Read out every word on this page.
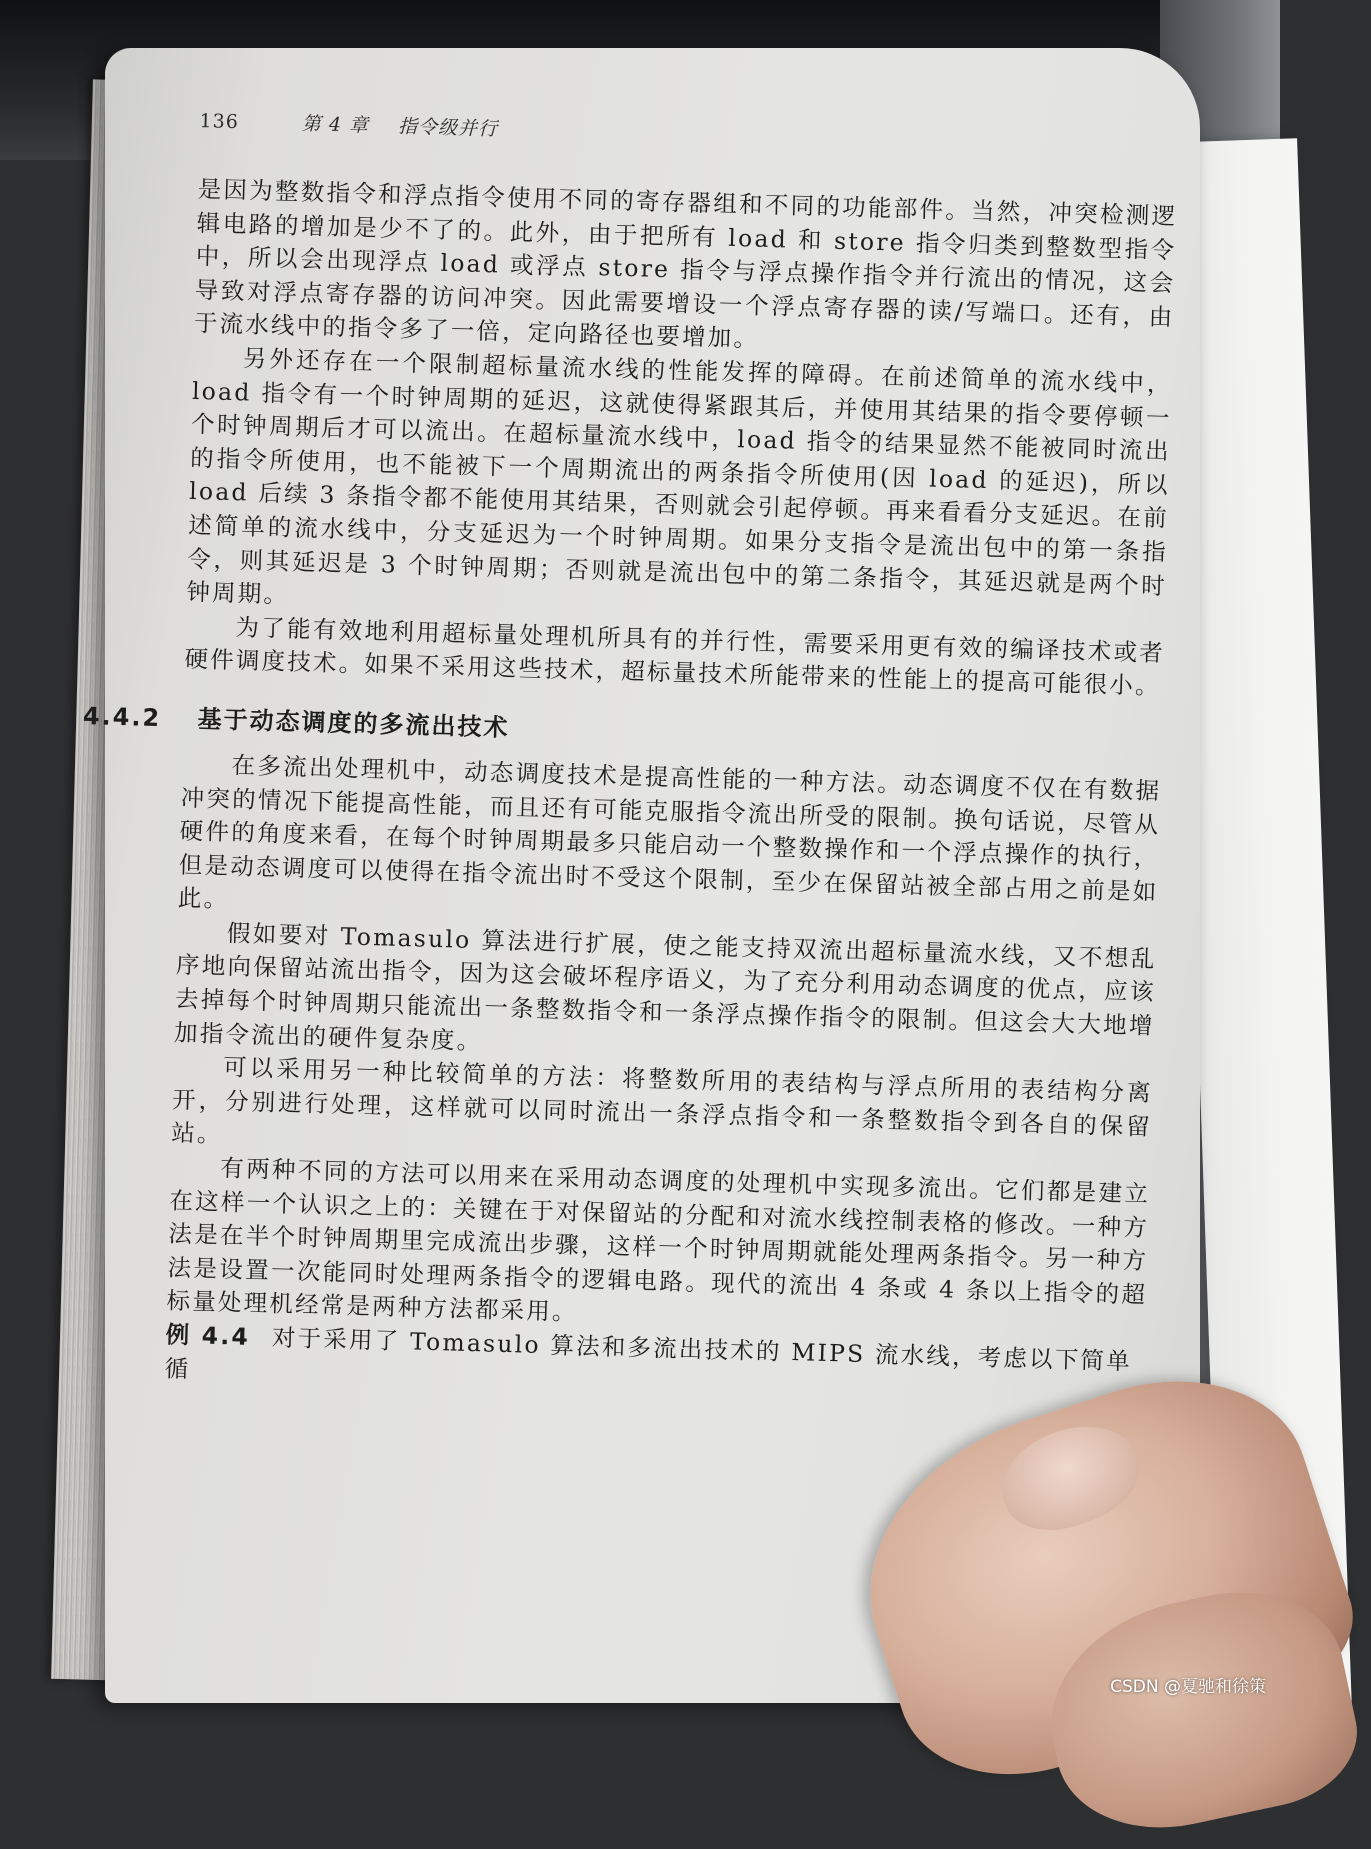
136	第 4 章 指令级并行

是因为整数指令和浮点指令使用不同的寄存器组和不同的功能部件。当然，冲突检测逻辑电路的增加是少不了的。此外，由于把所有 load 和 store 指令归类到整数型指令中，所以会出现浮点 load 或浮点 store 指令与浮点操作指令并行流出的情况，这会导致对浮点寄存器的访问冲突。因此需要增设一个浮点寄存器的读/写端口。还有，由于流水线中的指令多了一倍，定向路径也要增加。

另外还存在一个限制超标量流水线的性能发挥的障碍。在前述简单的流水线中，load 指令有一个时钟周期的延迟，这就使得紧跟其后，并使用其结果的指令要停顿一个时钟周期后才可以流出。在超标量流水线中，load 指令的结果显然不能被同时流出的指令所使用，也不能被下一个周期流出的两条指令所使用(因 load 的延迟)，所以 load 后续 3 条指令都不能使用其结果，否则就会引起停顿。再来看看分支延迟。在前述简单的流水线中，分支延迟为一个时钟周期。如果分支指令是流出包中的第一条指令，则其延迟是 3 个时钟周期；否则就是流出包中的第二条指令，其延迟就是两个时钟周期。

为了能有效地利用超标量处理机所具有的并行性，需要采用更有效的编译技术或者硬件调度技术。如果不采用这些技术，超标量技术所能带来的性能上的提高可能很小。

4.4.2 基于动态调度的多流出技术

在多流出处理机中，动态调度技术是提高性能的一种方法。动态调度不仅在有数据冲突的情况下能提高性能，而且还有可能克服指令流出所受的限制。换句话说，尽管从硬件的角度来看，在每个时钟周期最多只能启动一个整数操作和一个浮点操作的执行，但是动态调度可以使得在指令流出时不受这个限制，至少在保留站被全部占用之前是如此。

假如要对 Tomasulo 算法进行扩展，使之能支持双流出超标量流水线，又不想乱序地向保留站流出指令，因为这会破坏程序语义，为了充分利用动态调度的优点，应该去掉每个时钟周期只能流出一条整数指令和一条浮点操作指令的限制。但这会大大地增加指令流出的硬件复杂度。

可以采用另一种比较简单的方法：将整数所用的表结构与浮点所用的表结构分离开，分别进行处理，这样就可以同时流出一条浮点指令和一条整数指令到各自的保留站。

有两种不同的方法可以用来在采用动态调度的处理机中实现多流出。它们都是建立在这样一个认识之上的：关键在于对保留站的分配和对流水线控制表格的修改。一种方法是在半个时钟周期里完成流出步骤，这样一个时钟周期就能处理两条指令。另一种方法是设置一次能同时处理两条指令的逻辑电路。现代的流出 4 条或 4 条以上指令的超标量处理机经常是两种方法都采用。

例 4.4 对于采用了 Tomasulo 算法和多流出技术的 MIPS 流水线，考虑以下简单循
CSDN @夏驰和徐策
